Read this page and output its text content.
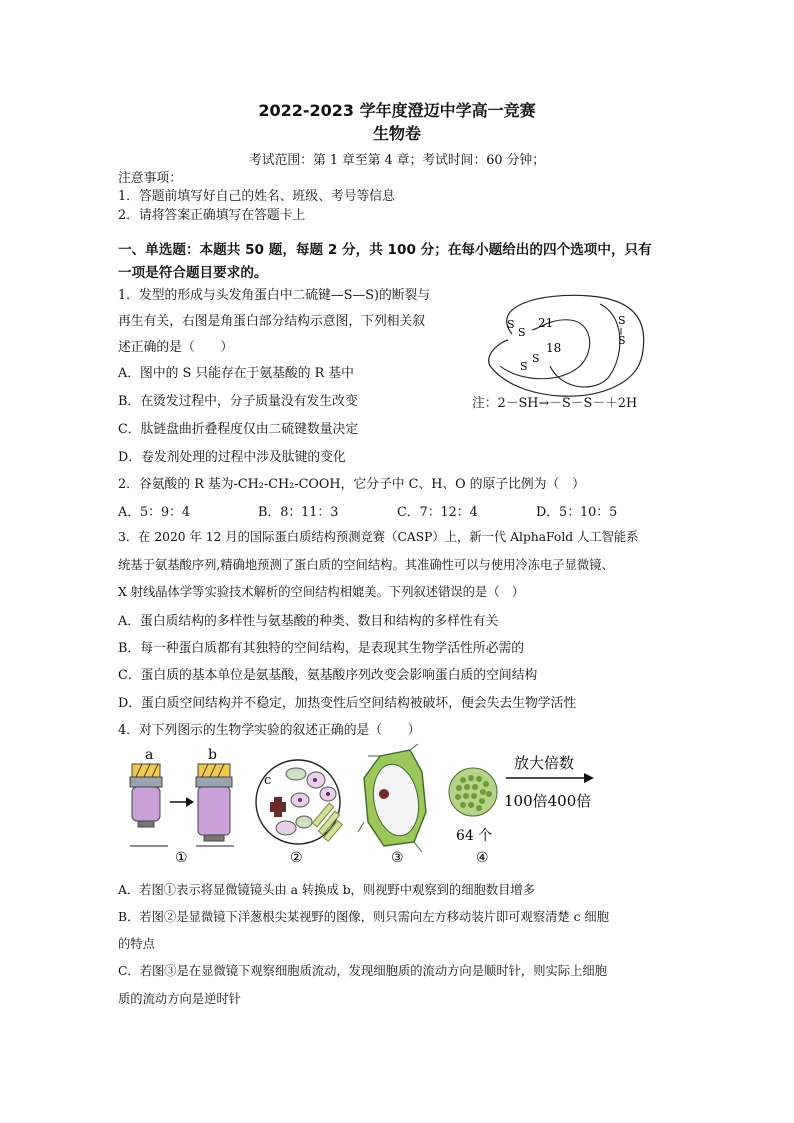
2022-2023 学年度澄迈中学高一竞赛
生物卷
考试范围：第 1 章至第 4 章；考试时间：60 分钟；
注意事项：
1．答题前填写好自己的姓名、班级、考号等信息
2．请将答案正确填写在答题卡上
一、单选题：本题共 50 题，每题 2 分，共 100 分；在每小题给出的四个选项中，只有
一项是符合题目要求的。
1．发型的形成与头发角蛋白中二硫键—S—S)的断裂与
再生有关，右图是角蛋白部分结构示意图，下列相关叙
述正确的是（　　）
A．图中的 S 只能存在于氨基酸的 R 基中
B．在烫发过程中，分子质量没有发生改变
C．肽链盘曲折叠程度仅由二硫键数量决定
D．卷发剂处理的过程中涉及肽键的变化
S
S
21
18
S
S
S
S
注：2－SH→－S－S－＋2H
2．谷氨酸的 R 基为-CH₂-CH₂-COOH，它分子中 C、H、O 的原子比例为（　）
A．5：9：4	B．8：11：3	C．7：12：4	D．5：10：5
3．在 2020 年 12 月的国际蛋白质结构预测竞赛（CASP）上，新一代 AlphaFold 人工智能系
统基于氨基酸序列,精确地预测了蛋白质的空间结构。其准确性可以与使用冷冻电子显微镜、
X 射线晶体学等实验技术解析的空间结构相媲美。下列叙述错误的是（　）
A．蛋白质结构的多样性与氨基酸的种类、数目和结构的多样性有关
B．每一种蛋白质都有其独特的空间结构，是表现其生物学活性所必需的
C．蛋白质的基本单位是氨基酸，氨基酸序列改变会影响蛋白质的空间结构
D．蛋白质空间结构并不稳定，加热变性后空间结构被破坏，便会失去生物学活性
4．对下列图示的生物学实验的叙述正确的是（　　）
a	b
①
c
②	③
64 个
放大倍数
100倍400倍
④
A．若图①表示将显微镜镜头由 a 转换成 b，则视野中观察到的细胞数目增多
B．若图②是显微镜下洋葱根尖某视野的图像，则只需向左方移动装片即可观察清楚 c 细胞
的特点
C．若图③是在显微镜下观察细胞质流动，发现细胞质的流动方向是顺时针，则实际上细胞
质的流动方向是逆时针
